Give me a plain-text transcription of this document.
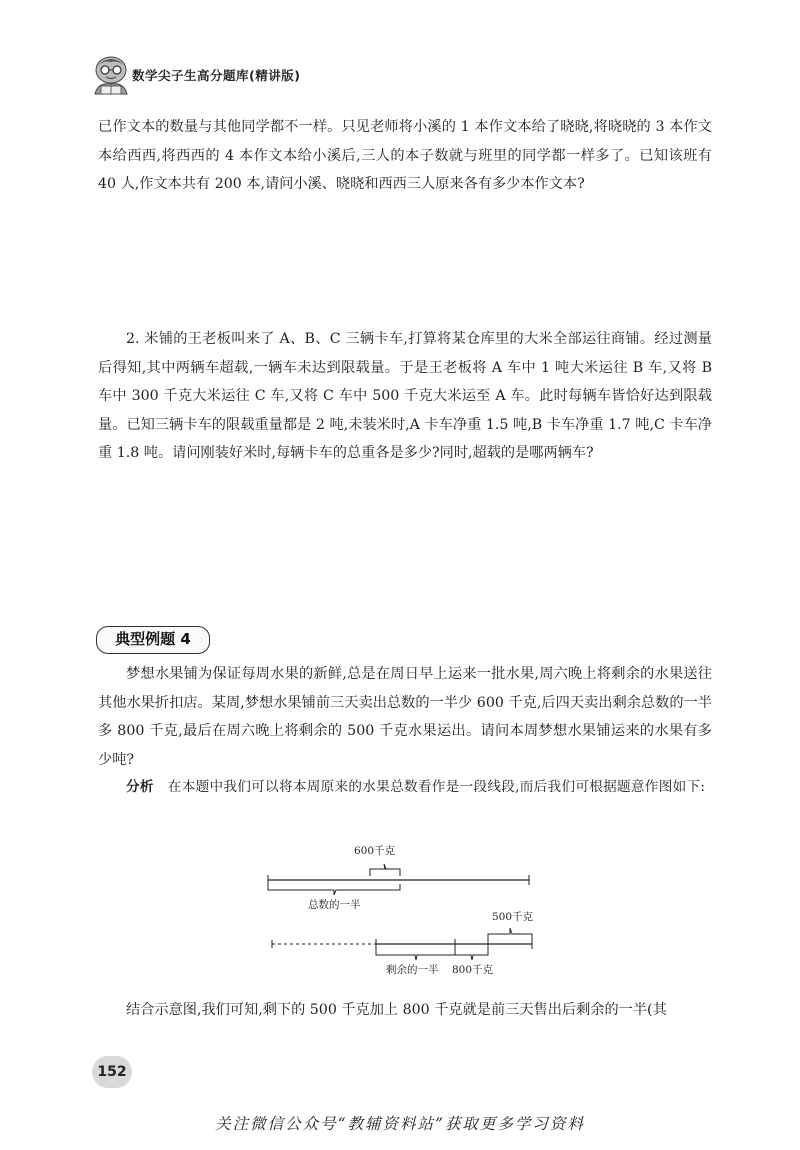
数学尖子生高分题库(精讲版)

已作文本的数量与其他同学都不一样。只见老师将小溪的 1 本作文本给了晓晓,将晓晓的 3 本作文本给西西,将西西的 4 本作文本给小溪后,三人的本子数就与班里的同学都一样多了。已知该班有 40 人,作文本共有 200 本,请问小溪、晓晓和西西三人原来各有多少本作文本?

2. 米铺的王老板叫来了 A、B、C 三辆卡车,打算将某仓库里的大米全部运往商铺。经过测量后得知,其中两辆车超载,一辆车未达到限载量。于是王老板将 A 车中 1 吨大米运往 B 车,又将 B 车中 300 千克大米运往 C 车,又将 C 车中 500 千克大米运至 A 车。此时每辆车皆恰好达到限载量。已知三辆卡车的限载重量都是 2 吨,未装米时,A 卡车净重 1.5 吨,B 卡车净重 1.7 吨,C 卡车净重 1.8 吨。请问刚装好米时,每辆卡车的总重各是多少?同时,超载的是哪两辆车?

典型例题 4

梦想水果铺为保证每周水果的新鲜,总是在周日早上运来一批水果,周六晚上将剩余的水果送往其他水果折扣店。某周,梦想水果铺前三天卖出总数的一半少 600 千克,后四天卖出剩余总数的一半多 800 千克,最后在周六晚上将剩余的 500 千克水果运出。请问本周梦想水果铺运来的水果有多少吨?

分析 在本题中我们可以将本周原来的水果总数看作是一段线段,而后我们可根据题意作图如下:

600千克
总数的一半
500千克
剩余的一半 800千克

结合示意图,我们可知,剩下的 500 千克加上 800 千克就是前三天售出后剩余的一半(其

152
关注微信公众号“教辅资料站”获取更多学习资料
